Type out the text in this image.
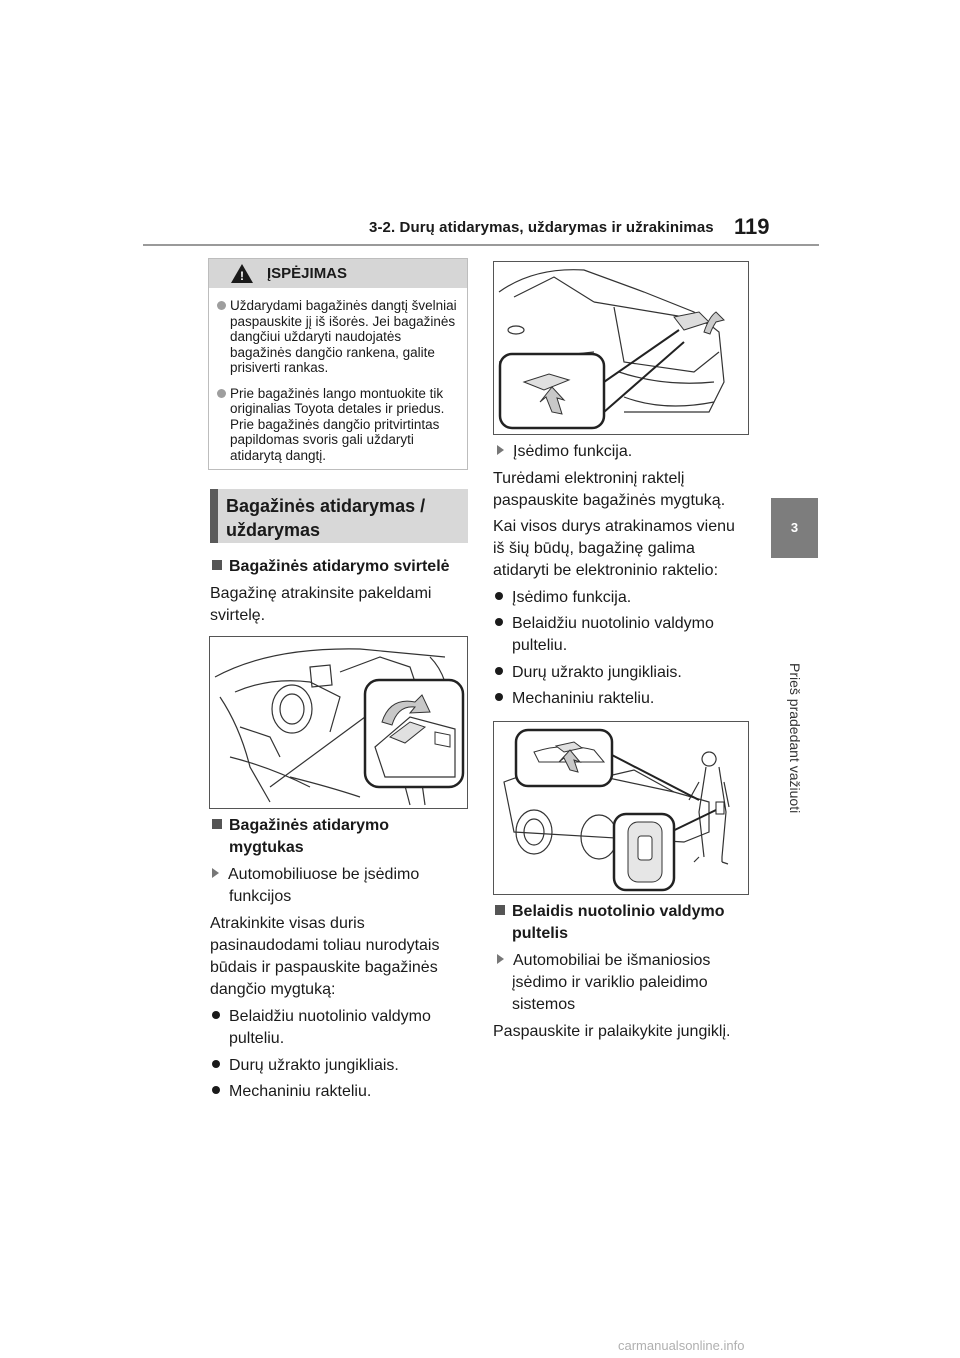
3-2. Durų atidarymas, uždarymas ir užrakinimas 119
3
Prieš pradedant važiuoti
! ĮSPĖJIMAS
Uždarydami bagažinės dangtį švelniai paspauskite jį iš išorės. Jei bagažinės dangčiui uždaryti naudojatės bagažinės dangčio rankena, galite prisiverti rankas.
Prie bagažinės lango montuokite tik originalias Toyota detales ir priedus. Prie bagažinės dangčio pritvirtintas papildomas svoris gali uždaryti atidarytą dangtį.
Bagažinės atidarymas /
uždarymas
Bagažinės atidarymo svirtelė
Bagažinę atrakinsite pakeldami
svirtelę.
Bagažinės atidarymo
mygtukas
Automobiliuose be įsėdimo
funkcijos
Atrakinkite visas duris
pasinaudodami toliau nurodytais
būdais ir paspauskite bagažinės
dangčio mygtuką:
Belaidžiu nuotolinio valdymo
pulteliu.
Durų užrakto jungikliais.
Mechaniniu rakteliu.
Įsėdimo funkcija.
Turėdami elektroninį raktelį
paspauskite bagažinės mygtuką.
Kai visos durys atrakinamos vienu
iš šių būdų, bagažinę galima
atidaryti be elektroninio raktelio:
Įsėdimo funkcija.
Belaidžiu nuotolinio valdymo
pulteliu.
Durų užrakto jungikliais.
Mechaniniu rakteliu.
Belaidis nuotolinio valdymo
pultelis
Automobiliai be išmaniosios
įsėdimo ir variklio paleidimo
sistemos
Paspauskite ir palaikykite jungiklį.
carmanualsonline.info
